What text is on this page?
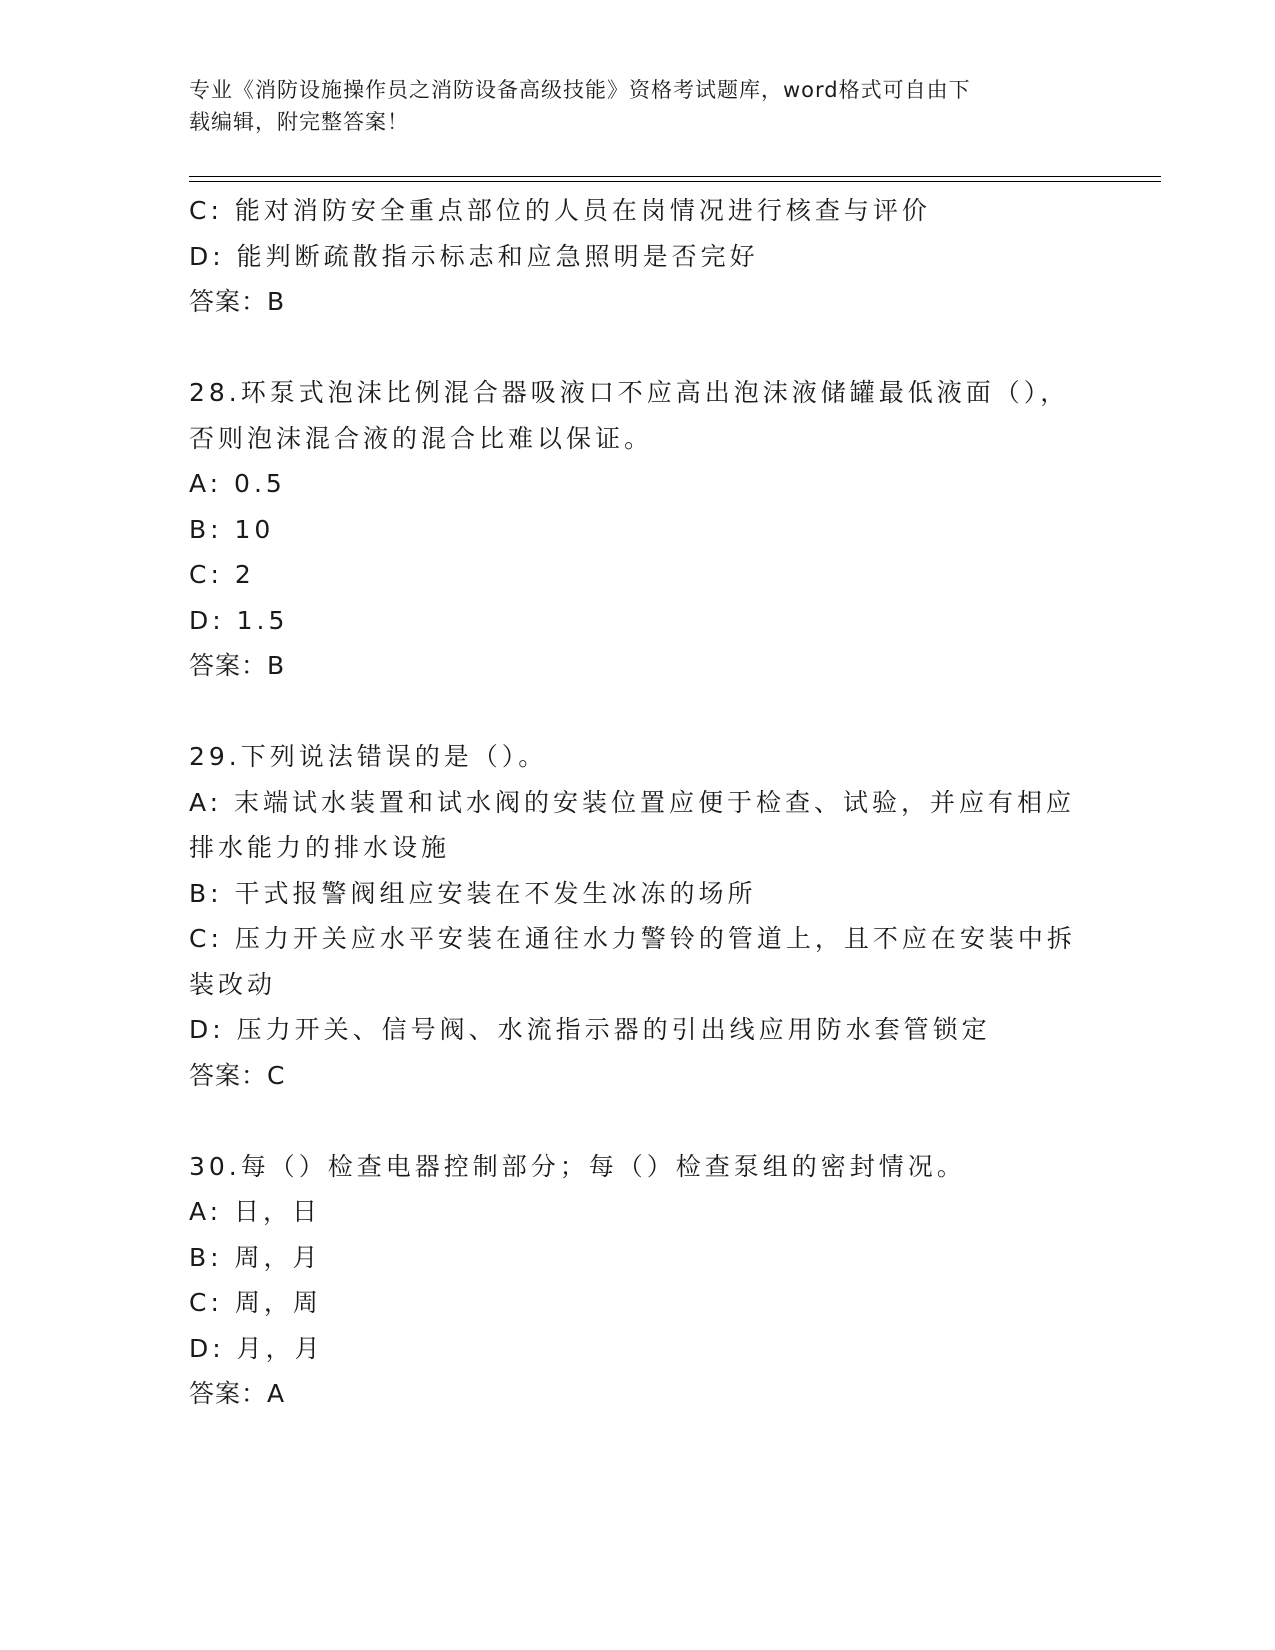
专业《消防设施操作员之消防设备高级技能》资格考试题库，word格式可自由下
载编辑，附完整答案！
C: 能对消防安全重点部位的人员在岗情况进行核查与评价
D: 能判断疏散指示标志和应急照明是否完好
答案：B
28.环泵式泡沫比例混合器吸液口不应高出泡沫液储罐最低液面（），
否则泡沫混合液的混合比难以保证。
A: 0.5
B: 10
C: 2
D: 1.5
答案：B
29.下列说法错误的是（）。
A: 末端试水装置和试水阀的安装位置应便于检查、试验，并应有相应
排水能力的排水设施
B: 干式报警阀组应安装在不发生冰冻的场所
C: 压力开关应水平安装在通往水力警铃的管道上，且不应在安装中拆
装改动
D: 压力开关、信号阀、水流指示器的引出线应用防水套管锁定
答案：C
30.每（）检查电器控制部分；每（）检查泵组的密封情况。
A: 日，日
B: 周，月
C: 周，周
D: 月，月
答案：A
